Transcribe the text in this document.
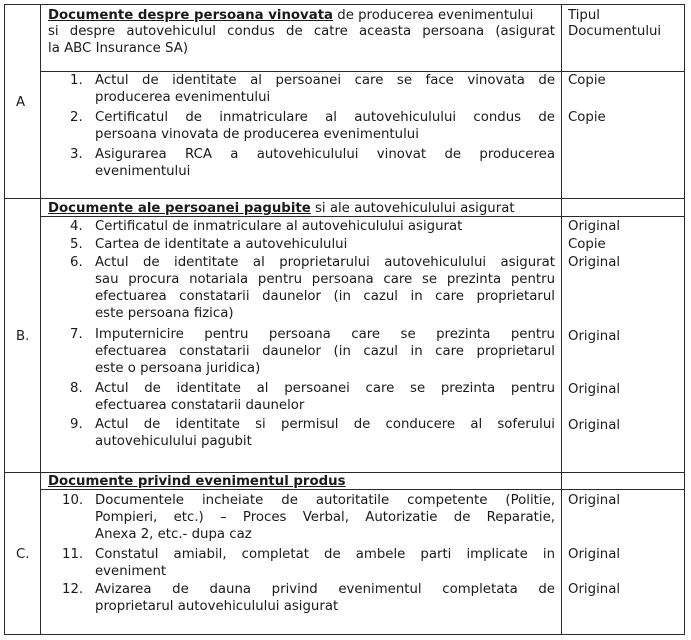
A
Documente despre persoana vinovata de producerea evenimentului
si despre autovehiculul condus de catre aceasta persoana (asigurat
la ABC Insurance SA)
Tipul
Documentului
1. Actul de identitate al persoanei care se face vinovata de
producerea evenimentului
Copie
2. Certificatul de inmatriculare al autovehiculului condus de
persoana vinovata de producerea evenimentului
Copie
3. Asigurarea RCA a autovehiculului vinovat de producerea
evenimentului
B.
Documente ale persoanei pagubite si ale autovehiculului asigurat
4. Certificatul de inmatriculare al autovehiculului asigurat	Original
5. Cartea de identitate a autovehiculului	Copie
6. Actul de identitate al proprietarului autovehiculului asigurat
sau procura notariala pentru persoana care se prezinta pentru
efectuarea constatarii daunelor (in cazul in care proprietarul
este persoana fizica)
Original
7. Imputernicire pentru persoana care se prezinta pentru
efectuarea constatarii daunelor (in cazul in care proprietarul
este o persoana juridica)
Original
8. Actul de identitate al persoanei care se prezinta pentru
efectuarea constatarii daunelor
Original
9. Actul de identitate si permisul de conducere al soferului
autovehiculului pagubit
Original
C.
Documente privind evenimentul produs
10. Documentele incheiate de autoritatile competente (Politie,
Pompieri, etc.) – Proces Verbal, Autorizatie de Reparatie,
Anexa 2, etc.- dupa caz
Original
11. Constatul amiabil, completat de ambele parti implicate in
eveniment
Original
12. Avizarea de dauna privind evenimentul completata de
proprietarul autovehiculului asigurat
Original
